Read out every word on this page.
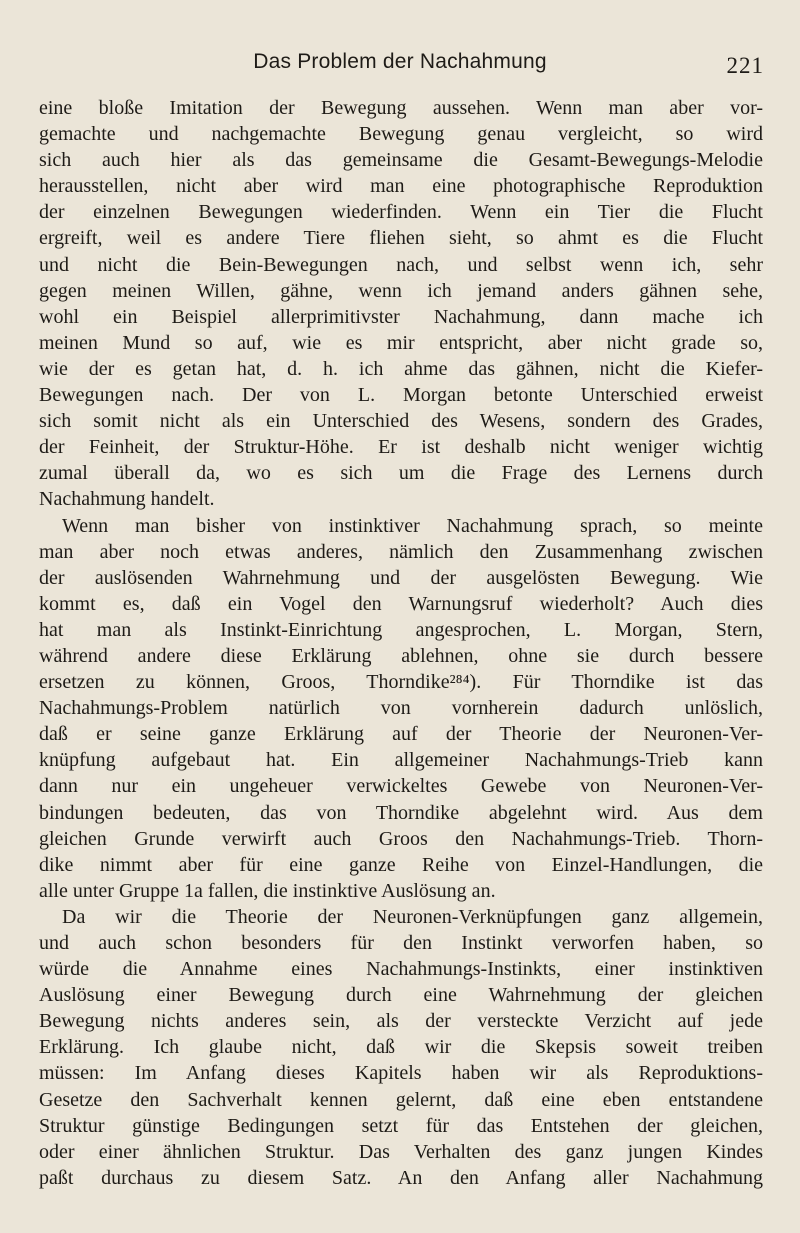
Das Problem der Nachahmung	221
eine bloße Imitation der Bewegung aussehen. Wenn man aber vor-
gemachte und nachgemachte Bewegung genau vergleicht, so wird
sich auch hier als das gemeinsame die Gesamt-Bewegungs-Melodie
herausstellen, nicht aber wird man eine photographische Reproduktion
der einzelnen Bewegungen wiederfinden. Wenn ein Tier die Flucht
ergreift, weil es andere Tiere fliehen sieht, so ahmt es die Flucht
und nicht die Bein-Bewegungen nach, und selbst wenn ich, sehr
gegen meinen Willen, gähne, wenn ich jemand anders gähnen sehe,
wohl ein Beispiel allerprimitivster Nachahmung, dann mache ich
meinen Mund so auf, wie es mir entspricht, aber nicht grade so,
wie der es getan hat, d. h. ich ahme das gähnen, nicht die Kiefer-
Bewegungen nach. Der von L. Morgan betonte Unterschied erweist
sich somit nicht als ein Unterschied des Wesens, sondern des Grades,
der Feinheit, der Struktur-Höhe. Er ist deshalb nicht weniger wichtig
zumal überall da, wo es sich um die Frage des Lernens durch
Nachahmung handelt.
Wenn man bisher von instinktiver Nachahmung sprach, so meinte
man aber noch etwas anderes, nämlich den Zusammenhang zwischen
der auslösenden Wahrnehmung und der ausgelösten Bewegung. Wie
kommt es, daß ein Vogel den Warnungsruf wiederholt? Auch dies
hat man als Instinkt-Einrichtung angesprochen, L. Morgan, Stern,
während andere diese Erklärung ablehnen, ohne sie durch bessere
ersetzen zu können, Groos, Thorndike²⁸⁴). Für Thorndike ist das
Nachahmungs-Problem natürlich von vornherein dadurch unlöslich,
daß er seine ganze Erklärung auf der Theorie der Neuronen-Ver-
knüpfung aufgebaut hat. Ein allgemeiner Nachahmungs-Trieb kann
dann nur ein ungeheuer verwickeltes Gewebe von Neuronen-Ver-
bindungen bedeuten, das von Thorndike abgelehnt wird. Aus dem
gleichen Grunde verwirft auch Groos den Nachahmungs-Trieb. Thorn-
dike nimmt aber für eine ganze Reihe von Einzel-Handlungen, die
alle unter Gruppe 1a fallen, die instinktive Auslösung an.
Da wir die Theorie der Neuronen-Verknüpfungen ganz allgemein,
und auch schon besonders für den Instinkt verworfen haben, so
würde die Annahme eines Nachahmungs-Instinkts, einer instinktiven
Auslösung einer Bewegung durch eine Wahrnehmung der gleichen
Bewegung nichts anderes sein, als der versteckte Verzicht auf jede
Erklärung. Ich glaube nicht, daß wir die Skepsis soweit treiben
müssen: Im Anfang dieses Kapitels haben wir als Reproduktions-
Gesetze den Sachverhalt kennen gelernt, daß eine eben entstandene
Struktur günstige Bedingungen setzt für das Entstehen der gleichen,
oder einer ähnlichen Struktur. Das Verhalten des ganz jungen Kindes
paßt durchaus zu diesem Satz. An den Anfang aller Nachahmung
